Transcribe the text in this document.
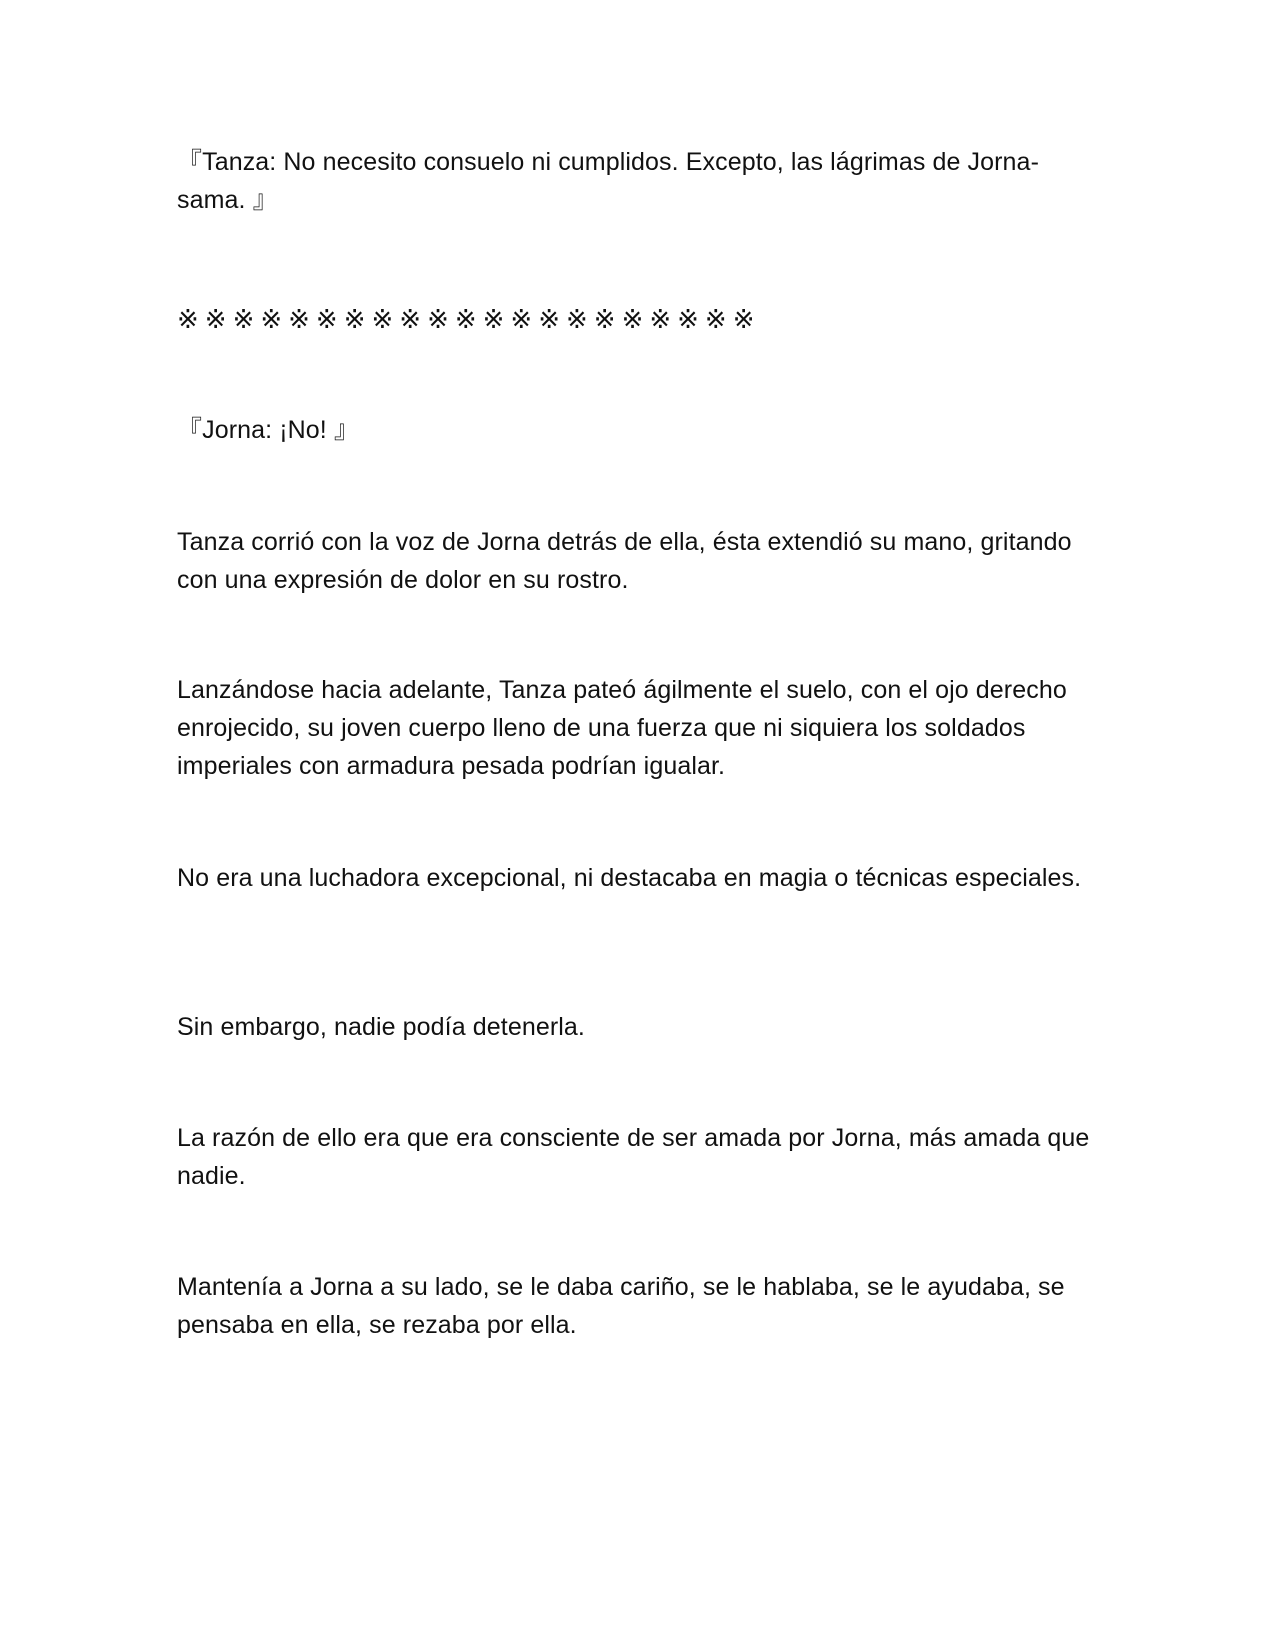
『Tanza: No necesito consuelo ni cumplidos. Excepto, las lágrimas de Jorna-sama. 』

※※※※※※※※※※※※※※※※※※※※※

『Jorna: ¡No! 』

Tanza corrió con la voz de Jorna detrás de ella, ésta extendió su mano, gritando con una expresión de dolor en su rostro.

Lanzándose hacia adelante, Tanza pateó ágilmente el suelo, con el ojo derecho enrojecido, su joven cuerpo lleno de una fuerza que ni siquiera los soldados imperiales con armadura pesada podrían igualar.

No era una luchadora excepcional, ni destacaba en magia o técnicas especiales.

Sin embargo, nadie podía detenerla.

La razón de ello era que era consciente de ser amada por Jorna, más amada que nadie.

Mantenía a Jorna a su lado, se le daba cariño, se le hablaba, se le ayudaba, se pensaba en ella, se rezaba por ella.
